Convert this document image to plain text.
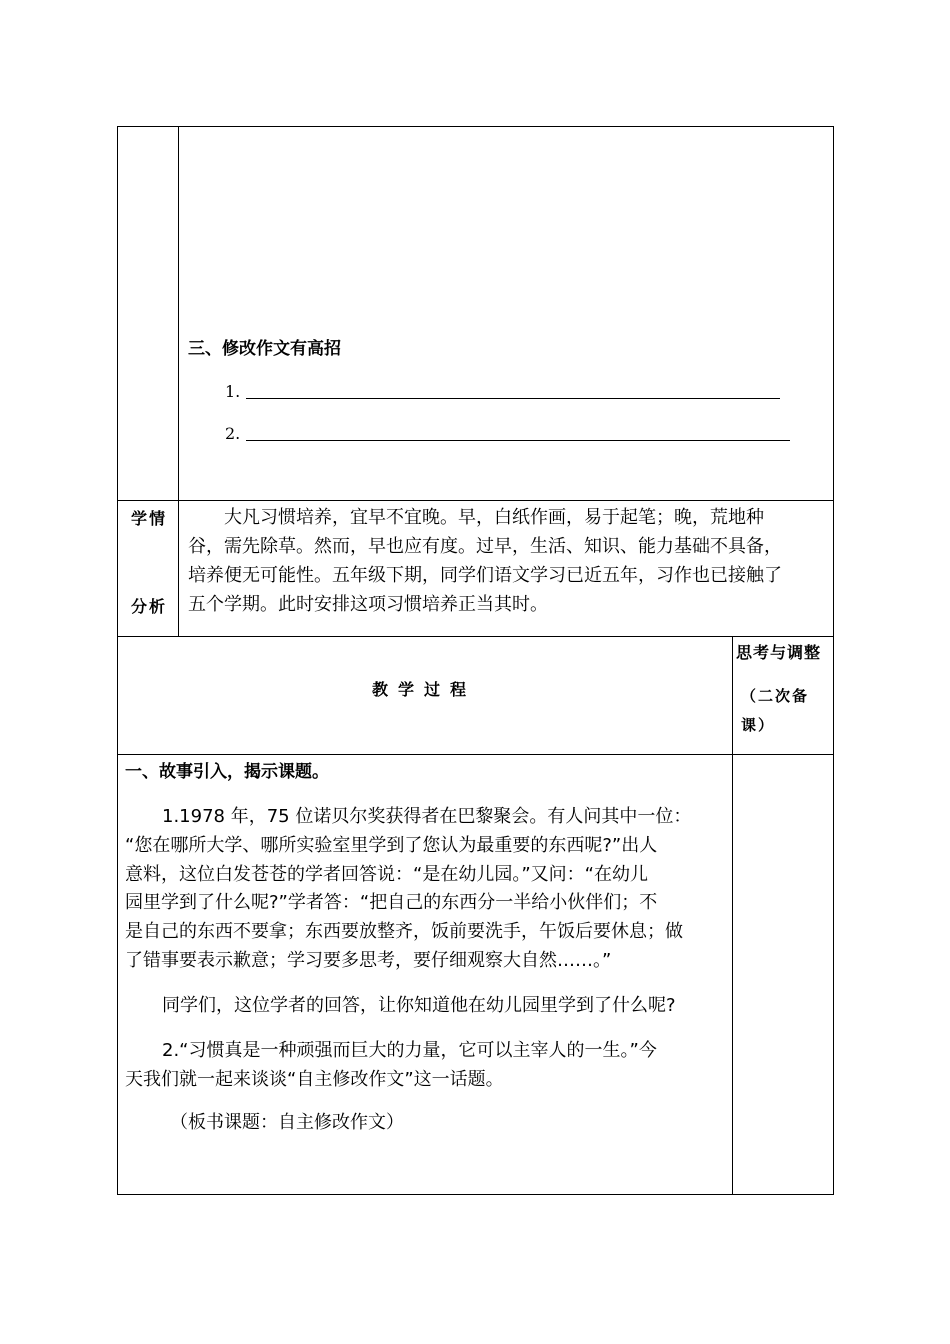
三、修改作文有高招
1.
2.
学情
分析
大凡习惯培养，宜早不宜晚。早，白纸作画，易于起笔；晚，荒地种
谷，需先除草。然而，早也应有度。过早，生活、知识、能力基础不具备，
培养便无可能性。五年级下期，同学们语文学习已近五年，习作也已接触了
五个学期。此时安排这项习惯培养正当其时。
教学过程
思考与调整
（二次备
课）
一、故事引入，揭示课题。
1.1978 年，75 位诺贝尔奖获得者在巴黎聚会。有人问其中一位：
“您在哪所大学、哪所实验室里学到了您认为最重要的东西呢?”出人
意料，这位白发苍苍的学者回答说：“是在幼儿园。”又问：“在幼儿
园里学到了什么呢?”学者答：“把自己的东西分一半给小伙伴们；不
是自己的东西不要拿；东西要放整齐，饭前要洗手，午饭后要休息；做
了错事要表示歉意；学习要多思考，要仔细观察大自然……。”
同学们，这位学者的回答，让你知道他在幼儿园里学到了什么呢?
2.“习惯真是一种顽强而巨大的力量，它可以主宰人的一生。”今
天我们就一起来谈谈“自主修改作文”这一话题。
（板书课题：自主修改作文）
